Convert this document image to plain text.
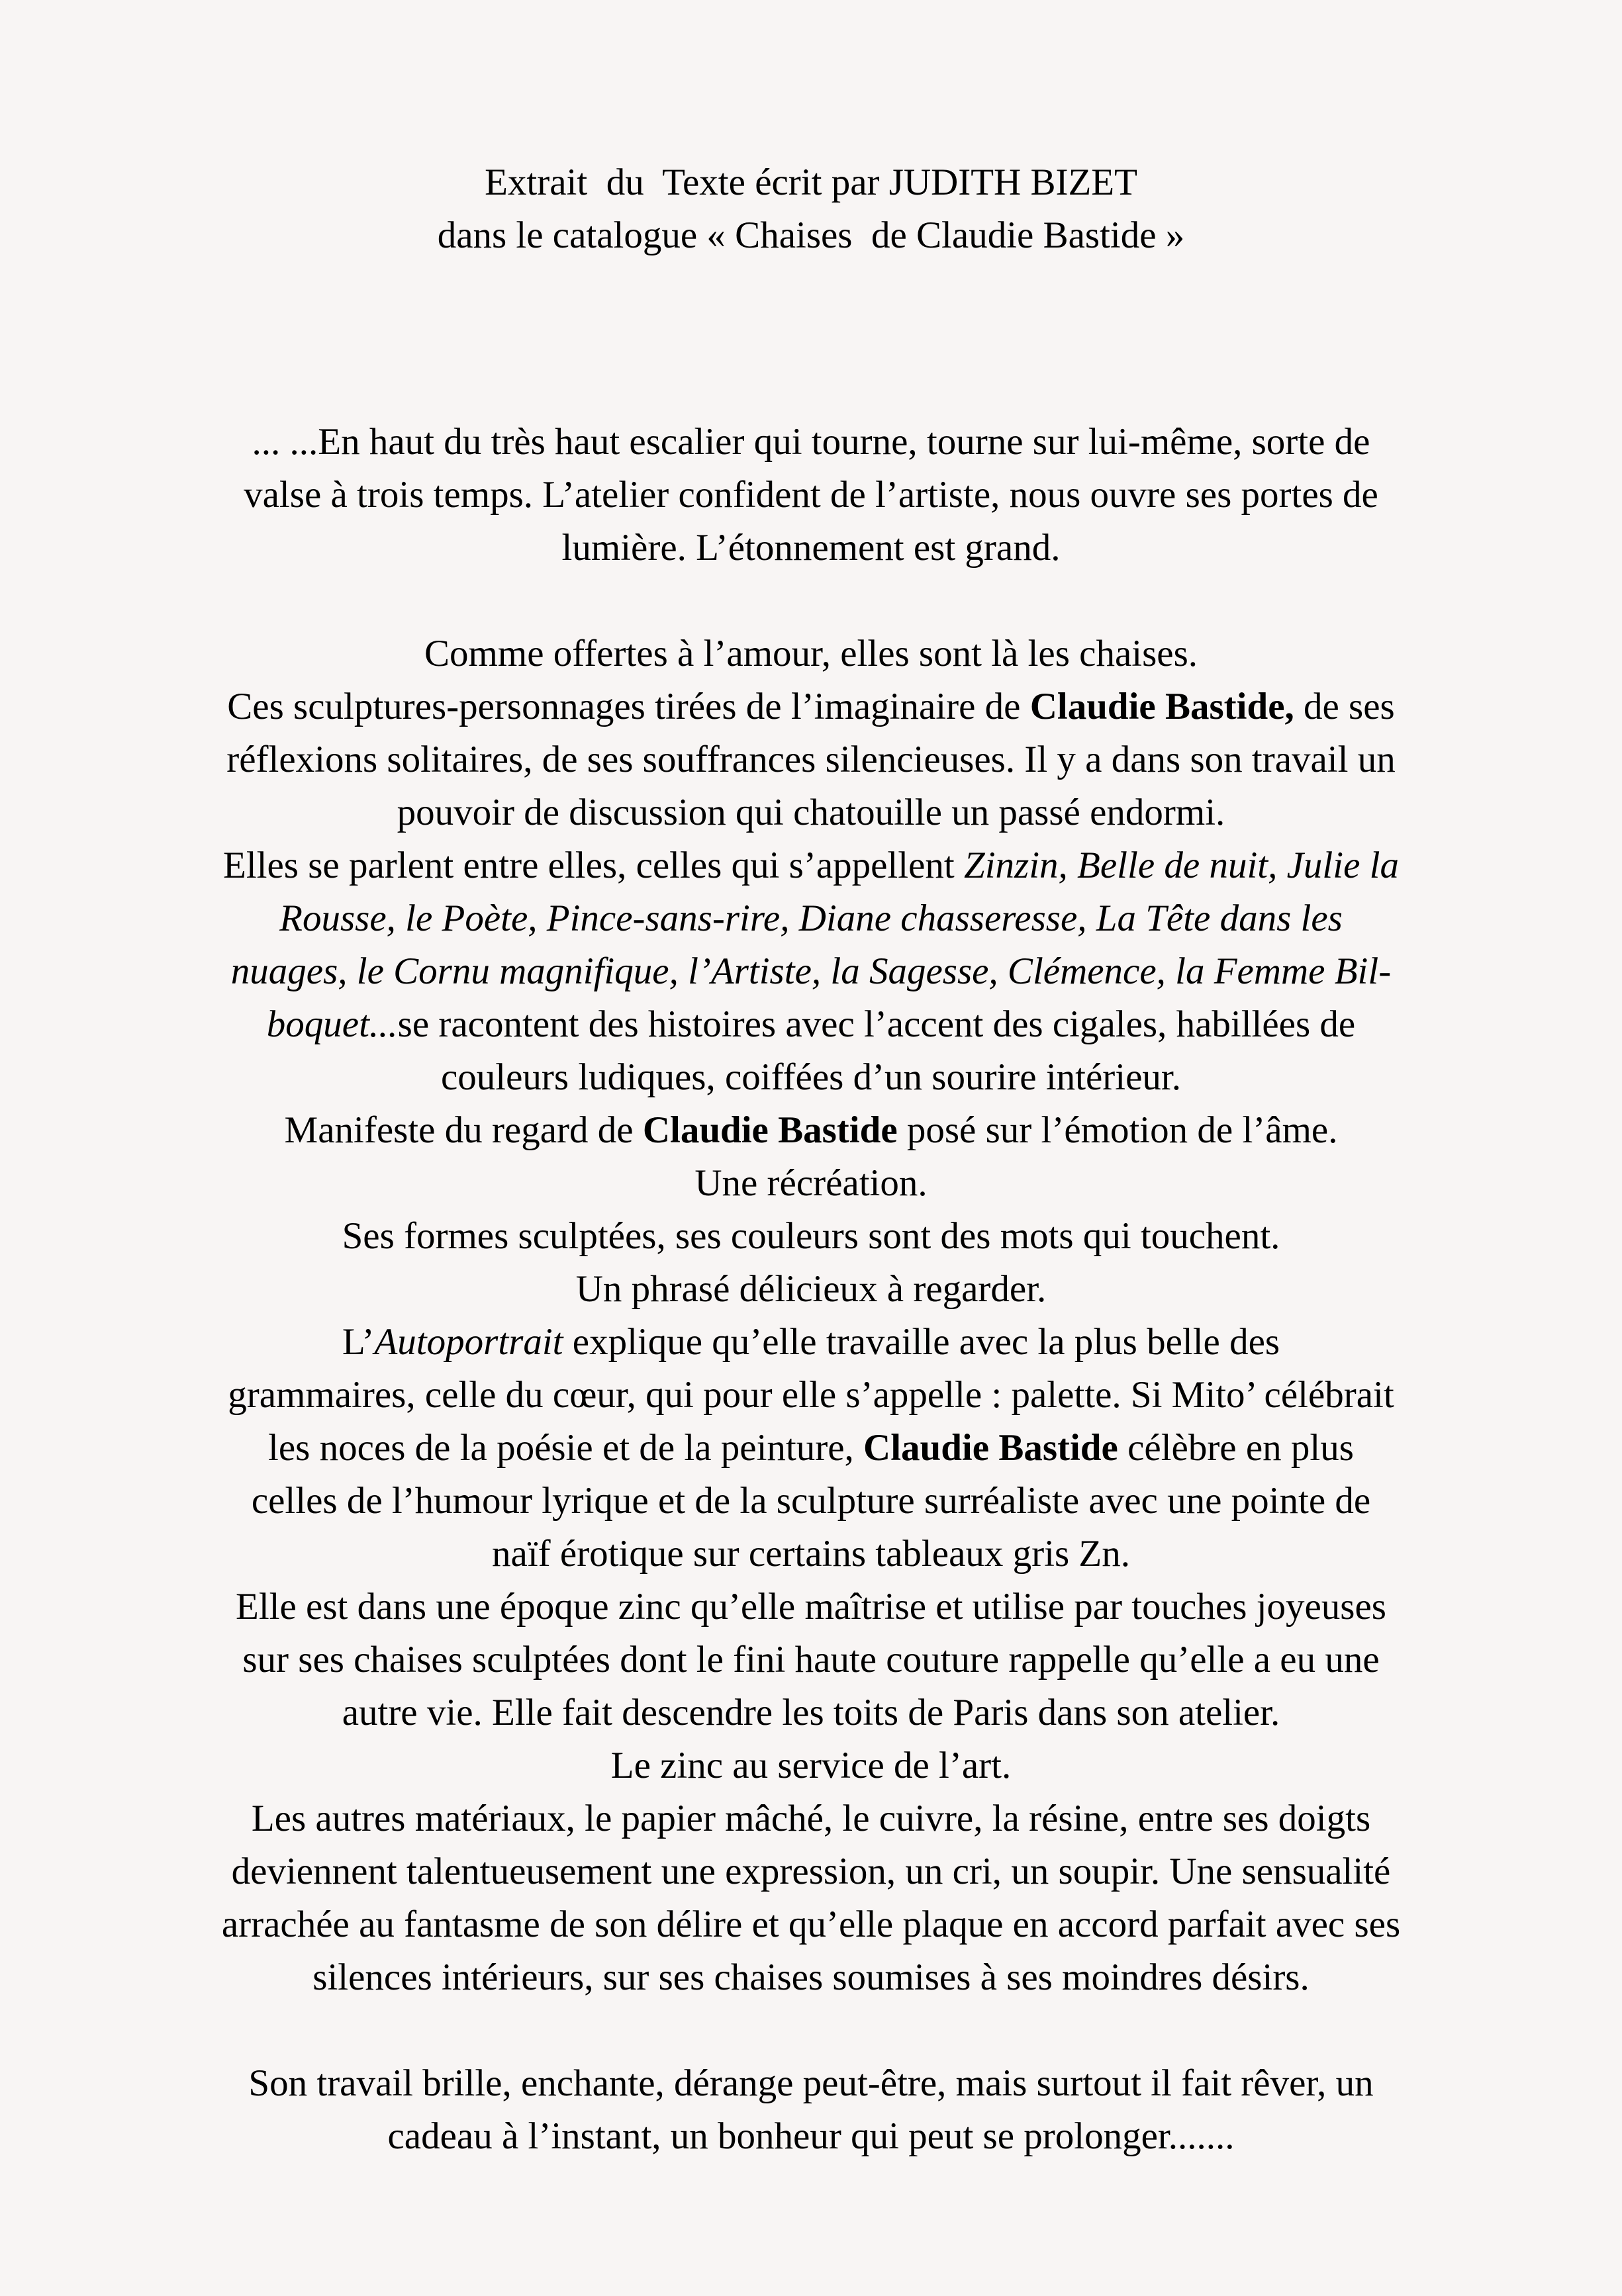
Extrait  du  Texte écrit par JUDITH BIZET
dans le catalogue « Chaises  de Claudie Bastide »
... ...En haut du très haut escalier qui tourne, tourne sur lui-même, sorte de
valse à trois temps. L’atelier confident de l’artiste, nous ouvre ses portes de
lumière. L’étonnement est grand.
Comme offertes à l’amour, elles sont là les chaises.
Ces sculptures-personnages tirées de l’imaginaire de Claudie Bastide, de ses
réflexions solitaires, de ses souffrances silencieuses. Il y a dans son travail un
pouvoir de discussion qui chatouille un passé endormi.
Elles se parlent entre elles, celles qui s’appellent Zinzin, Belle de nuit, Julie la
Rousse, le Poète, Pince-sans-rire, Diane chasseresse, La Tête dans les
nuages, le Cornu magnifique, l’Artiste, la Sagesse, Clémence, la Femme Bil-
boquet...se racontent des histoires avec l’accent des cigales, habillées de
couleurs ludiques, coiffées d’un sourire intérieur.
Manifeste du regard de Claudie Bastide posé sur l’émotion de l’âme.
Une récréation.
Ses formes sculptées, ses couleurs sont des mots qui touchent.
Un phrasé délicieux à regarder.
L’Autoportrait explique qu’elle travaille avec la plus belle des
grammaires, celle du cœur, qui pour elle s’appelle : palette. Si Mito’ célébrait
les noces de la poésie et de la peinture, Claudie Bastide célèbre en plus
celles de l’humour lyrique et de la sculpture surréaliste avec une pointe de
naïf érotique sur certains tableaux gris Zn.
Elle est dans une époque zinc qu’elle maîtrise et utilise par touches joyeuses
sur ses chaises sculptées dont le fini haute couture rappelle qu’elle a eu une
autre vie. Elle fait descendre les toits de Paris dans son atelier.
Le zinc au service de l’art.
Les autres matériaux, le papier mâché, le cuivre, la résine, entre ses doigts
deviennent talentueusement une expression, un cri, un soupir. Une sensualité
arrachée au fantasme de son délire et qu’elle plaque en accord parfait avec ses
silences intérieurs, sur ses chaises soumises à ses moindres désirs.
Son travail brille, enchante, dérange peut-être, mais surtout il fait rêver, un
cadeau à l’instant, un bonheur qui peut se prolonger.......
